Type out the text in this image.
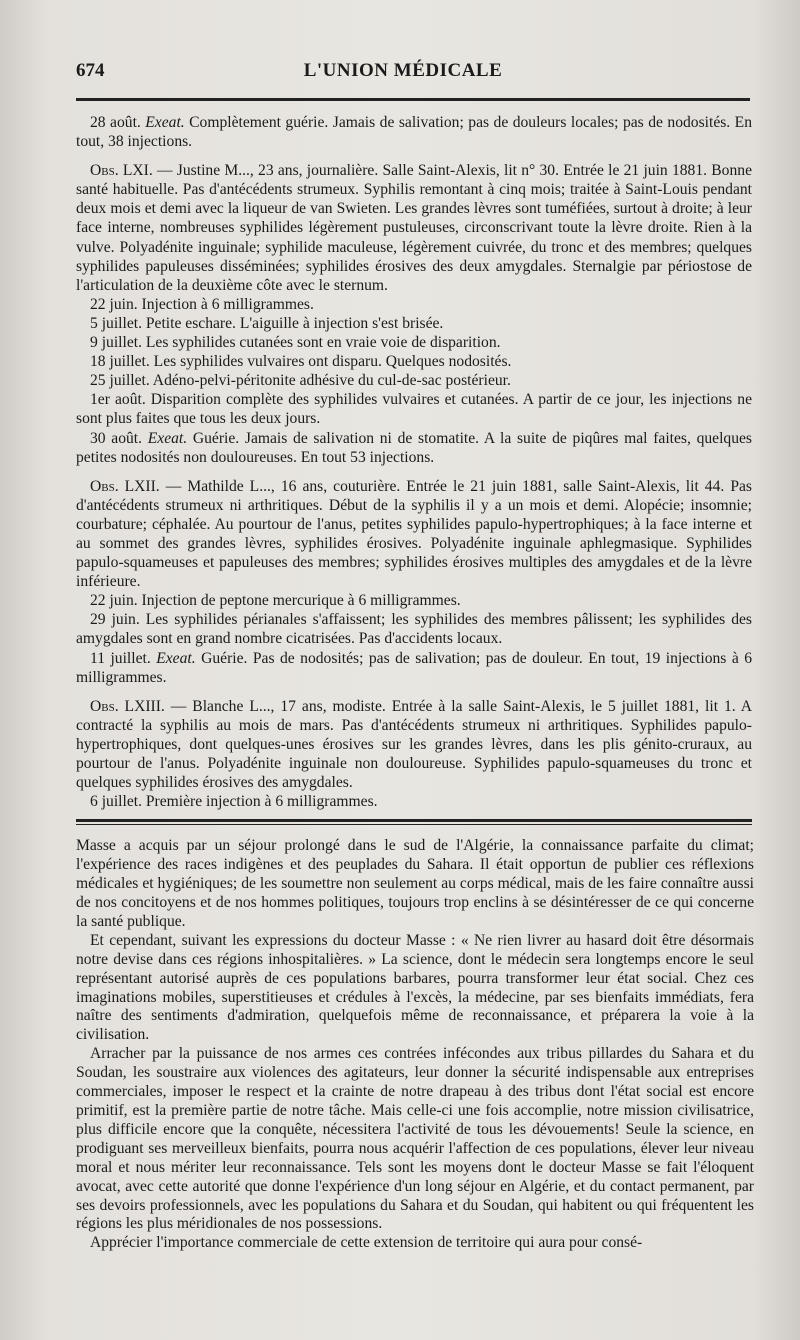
674	L'UNION MÉDICALE

28 août. Exeat. Complètement guérie. Jamais de salivation; pas de douleurs locales; pas de nodosités. En tout, 38 injections.

Obs. LXI. — Justine M..., 23 ans, journalière. Salle Saint-Alexis, lit n° 30. Entrée le 21 juin 1881. Bonne santé habituelle. Pas d'antécédents strumeux. Syphilis remontant à cinq mois; traitée à Saint-Louis pendant deux mois et demi avec la liqueur de van Swieten. Les grandes lèvres sont tuméfiées, surtout à droite; à leur face interne, nombreuses syphilides légèrement pustuleuses, circonscrivant toute la lèvre droite. Rien à la vulve. Polyadénite inguinale; syphilide maculeuse, légèrement cuivrée, du tronc et des membres; quelques syphilides papuleuses disséminées; syphilides érosives des deux amygdales. Sternalgie par périostose de l'articulation de la deuxième côte avec le sternum.

22 juin. Injection à 6 milligrammes.

5 juillet. Petite eschare. L'aiguille à injection s'est brisée.

9 juillet. Les syphilides cutanées sont en vraie voie de disparition.

18 juillet. Les syphilides vulvaires ont disparu. Quelques nodosités.

25 juillet. Adéno-pelvi-péritonite adhésive du cul-de-sac postérieur.

1er août. Disparition complète des syphilides vulvaires et cutanées. A partir de ce jour, les injections ne sont plus faites que tous les deux jours.

30 août. Exeat. Guérie. Jamais de salivation ni de stomatite. A la suite de piqûres mal faites, quelques petites nodosités non douloureuses. En tout 53 injections.

Obs. LXII. — Mathilde L..., 16 ans, couturière. Entrée le 21 juin 1881, salle Saint-Alexis, lit 44. Pas d'antécédents strumeux ni arthritiques. Début de la syphilis il y a un mois et demi. Alopécie; insomnie; courbature; céphalée. Au pourtour de l'anus, petites syphilides papulo-hypertrophiques; à la face interne et au sommet des grandes lèvres, syphilides érosives. Polyadénite inguinale aphlegmasique. Syphilides papulo-squameuses et papuleuses des membres; syphilides érosives multiples des amygdales et de la lèvre inférieure.

22 juin. Injection de peptone mercurique à 6 milligrammes.

29 juin. Les syphilides périanales s'affaissent; les syphilides des membres pâlissent; les syphilides des amygdales sont en grand nombre cicatrisées. Pas d'accidents locaux.

11 juillet. Exeat. Guérie. Pas de nodosités; pas de salivation; pas de douleur. En tout, 19 injections à 6 milligrammes.

Obs. LXIII. — Blanche L..., 17 ans, modiste. Entrée à la salle Saint-Alexis, le 5 juillet 1881, lit 1. A contracté la syphilis au mois de mars. Pas d'antécédents strumeux ni arthritiques. Syphilides papulo-hypertrophiques, dont quelques-unes érosives sur les grandes lèvres, dans les plis génito-cruraux, au pourtour de l'anus. Polyadénite inguinale non douloureuse. Syphilides papulo-squameuses du tronc et quelques syphilides érosives des amygdales.

6 juillet. Première injection à 6 milligrammes.

Masse a acquis par un séjour prolongé dans le sud de l'Algérie, la connaissance parfaite du climat; l'expérience des races indigènes et des peuplades du Sahara. Il était opportun de publier ces réflexions médicales et hygiéniques; de les soumettre non seulement au corps médical, mais de les faire connaître aussi de nos concitoyens et de nos hommes politiques, toujours trop enclins à se désintéresser de ce qui concerne la santé publique.

Et cependant, suivant les expressions du docteur Masse : « Ne rien livrer au hasard doit être désormais notre devise dans ces régions inhospitalières. » La science, dont le médecin sera longtemps encore le seul représentant autorisé auprès de ces populations barbares, pourra transformer leur état social. Chez ces imaginations mobiles, superstitieuses et crédules à l'excès, la médecine, par ses bienfaits immédiats, fera naître des sentiments d'admiration, quelquefois même de reconnaissance, et préparera la voie à la civilisation.

Arracher par la puissance de nos armes ces contrées infécondes aux tribus pillardes du Sahara et du Soudan, les soustraire aux violences des agitateurs, leur donner la sécurité indispensable aux entreprises commerciales, imposer le respect et la crainte de notre drapeau à des tribus dont l'état social est encore primitif, est la première partie de notre tâche. Mais celle-ci une fois accomplie, notre mission civilisatrice, plus difficile encore que la conquête, nécessitera l'activité de tous les dévouements! Seule la science, en prodiguant ses merveilleux bienfaits, pourra nous acquérir l'affection de ces populations, élever leur niveau moral et nous mériter leur reconnaissance. Tels sont les moyens dont le docteur Masse se fait l'éloquent avocat, avec cette autorité que donne l'expérience d'un long séjour en Algérie, et du contact permanent, par ses devoirs professionnels, avec les populations du Sahara et du Soudan, qui habitent ou qui fréquentent les régions les plus méridionales de nos possessions.

Apprécier l'importance commerciale de cette extension de territoire qui aura pour consé-
